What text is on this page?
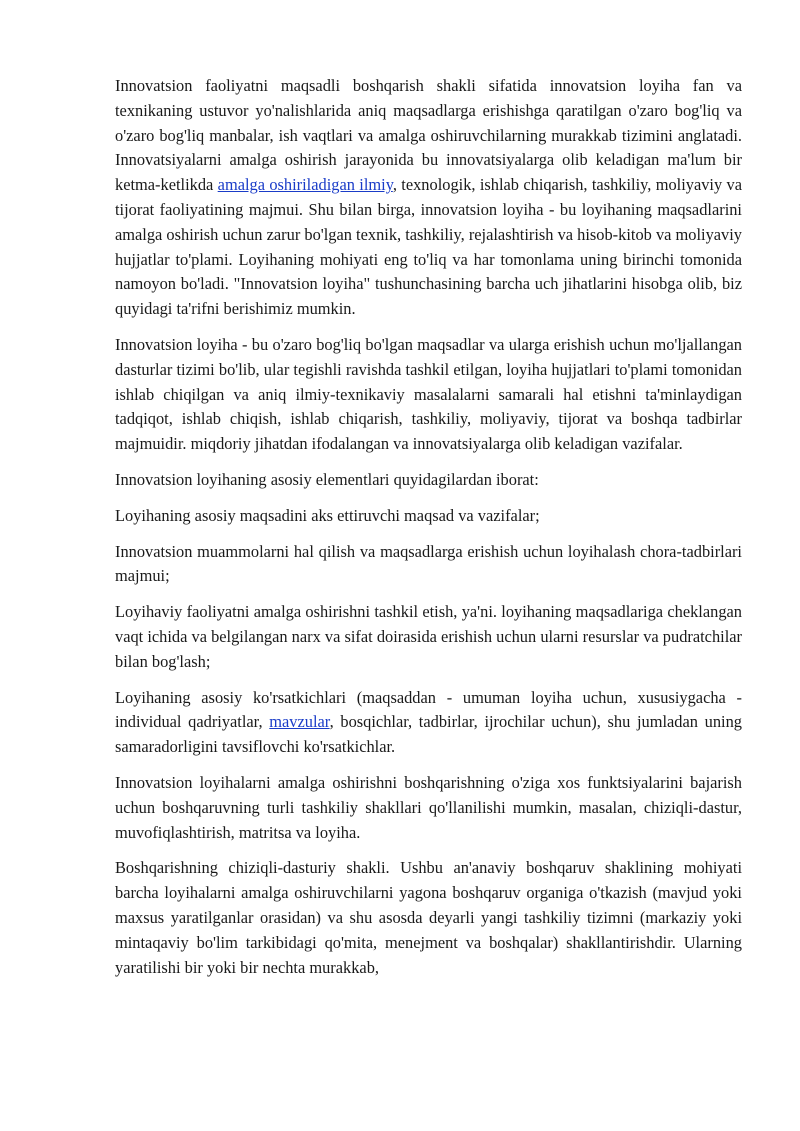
Innovatsion faoliyatni maqsadli boshqarish shakli sifatida innovatsion loyiha fan va texnikaning ustuvor yo'nalishlarida aniq maqsadlarga erishishga qaratilgan o'zaro bog'liq va o'zaro bog'liq manbalar, ish vaqtlari va amalga oshiruvchilarning murakkab tizimini anglatadi. Innovatsiyalarni amalga oshirish jarayonida bu innovatsiyalarga olib keladigan ma'lum bir ketma-ketlikda amalga oshiriladigan ilmiy, texnologik, ishlab chiqarish, tashkiliy, moliyaviy va tijorat faoliyatining majmui. Shu bilan birga, innovatsion loyiha - bu loyihaning maqsadlarini amalga oshirish uchun zarur bo'lgan texnik, tashkiliy, rejalashtirish va hisob-kitob va moliyaviy hujjatlar to'plami. Loyihaning mohiyati eng to'liq va har tomonlama uning birinchi tomonida namoyon bo'ladi. "Innovatsion loyiha" tushunchasining barcha uch jihatlarini hisobga olib, biz quyidagi ta'rifni berishimiz mumkin.

Innovatsion loyiha - bu o'zaro bog'liq bo'lgan maqsadlar va ularga erishish uchun mo'ljallangan dasturlar tizimi bo'lib, ular tegishli ravishda tashkil etilgan, loyiha hujjatlari to'plami tomonidan ishlab chiqilgan va aniq ilmiy-texnikaviy masalalarni samarali hal etishni ta'minlaydigan tadqiqot, ishlab chiqish, ishlab chiqarish, tashkiliy, moliyaviy, tijorat va boshqa tadbirlar majmuidir. miqdoriy jihatdan ifodalangan va innovatsiyalarga olib keladigan vazifalar.

Innovatsion loyihaning asosiy elementlari quyidagilardan iborat:

Loyihaning asosiy maqsadini aks ettiruvchi maqsad va vazifalar;

Innovatsion muammolarni hal qilish va maqsadlarga erishish uchun loyihalash chora-tadbirlari majmui;

Loyihaviy faoliyatni amalga oshirishni tashkil etish, ya'ni. loyihaning maqsadlariga cheklangan vaqt ichida va belgilangan narx va sifat doirasida erishish uchun ularni resurslar va pudratchilar bilan bog'lash;

Loyihaning asosiy ko'rsatkichlari (maqsaddan - umuman loyiha uchun, xususiygacha - individual qadriyatlar, mavzular, bosqichlar, tadbirlar, ijrochilar uchun), shu jumladan uning samaradorligini tavsiflovchi ko'rsatkichlar.

Innovatsion loyihalarni amalga oshirishni boshqarishning o'ziga xos funktsiyalarini bajarish uchun boshqaruvning turli tashkiliy shakllari qo'llanilishi mumkin, masalan, chiziqli-dastur, muvofiqlashtirish, matritsa va loyiha.

Boshqarishning chiziqli-dasturiy shakli. Ushbu an'anaviy boshqaruv shaklining mohiyati barcha loyihalarni amalga oshiruvchilarni yagona boshqaruv organiga o'tkazish (mavjud yoki maxsus yaratilganlar orasidan) va shu asosda deyarli yangi tashkiliy tizimni (markaziy yoki mintaqaviy bo'lim tarkibidagi qo'mita, menejment va boshqalar) shakllantirishdir. Ularning yaratilishi bir yoki bir nechta murakkab,
